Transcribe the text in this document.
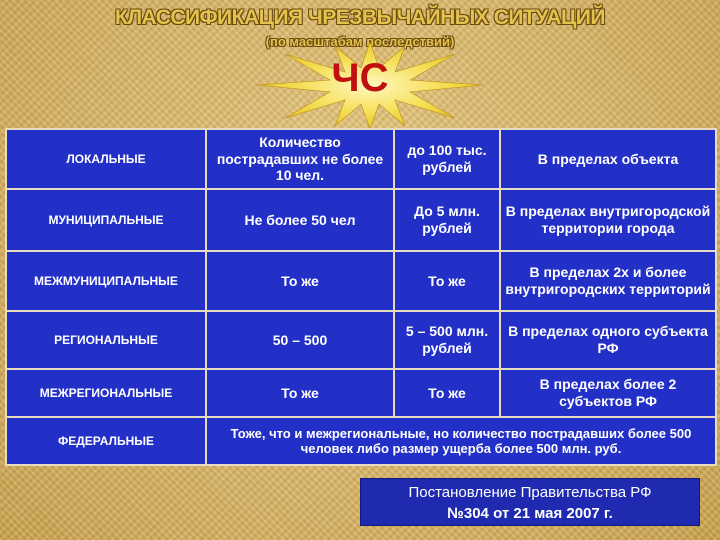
КЛАССИФИКАЦИЯ ЧРЕЗВЫЧАЙНЫХ СИТУАЦИЙ
(по масштабам последствий)
ЧС
ЛОКАЛЬНЫЕ	Количество пострадавших не более 10 чел.	до 100 тыс. рублей	В пределах объекта
МУНИЦИПАЛЬНЫЕ	Не более 50 чел	До 5 млн. рублей	В пределах внутригородской территории города
МЕЖМУНИЦИПАЛЬНЫЕ	То же	То же	В пределах 2х и более внутригородских территорий
РЕГИОНАЛЬНЫЕ	50 – 500	5 – 500 млн. рублей	В пределах одного субъекта РФ
МЕЖРЕГИОНАЛЬНЫЕ	То же	То же	В пределах более 2 субъектов РФ
ФЕДЕРАЛЬНЫЕ	Тоже, что и межрегиональные, но количество пострадавших более 500 человек либо размер ущерба более 500 млн. руб.		
Постановление Правительства РФ
№304 от 21 мая 2007 г.
